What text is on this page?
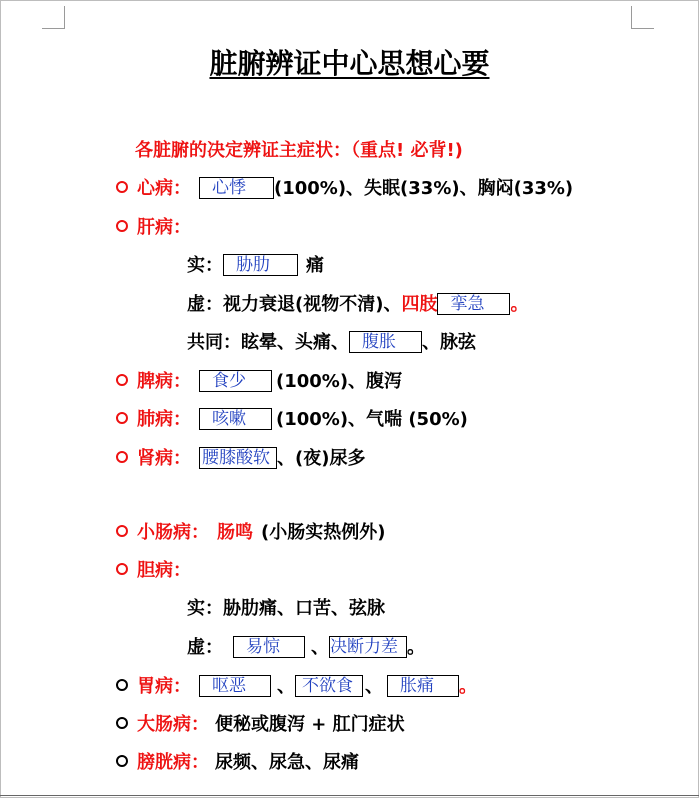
脏腑辨证中心思想心要
各脏腑的决定辨证主症状：（重点! 必背!)
心病： 心悸 (100%)、失眠(33%)、胸闷(33%)
肝病：
实： 胁肋 痛
虚：视力衰退(视物不清)、四肢 挛急 。
共同：眩晕、头痛、 腹胀 、脉弦
脾病： 食少 (100%)、腹泻
肺病： 咳嗽 (100%)、气喘 (50%)
肾病： 腰膝酸软 、(夜)尿多
小肠病： 肠鸣 (小肠实热例外)
胆病：
实：胁肋痛、口苦、弦脉
虚： 易惊 、决断力差 。
胃病： 呕恶 、 不欲食 、 胀痛 。
大肠病： 便秘或腹泻 + 肛门症状
膀胱病： 尿频、尿急、尿痛
